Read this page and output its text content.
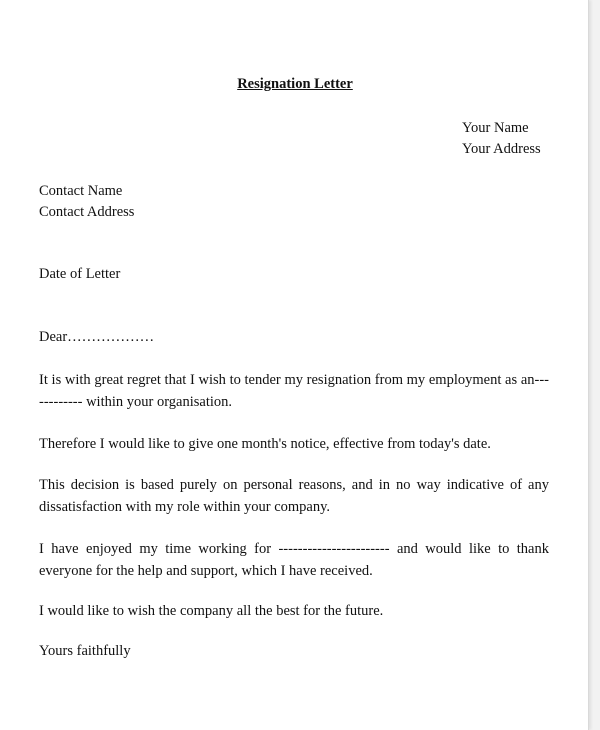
Resignation Letter
Your Name
Your Address
Contact Name
Contact Address
Date of Letter
Dear………………
It is with great regret that I wish to tender my resignation from my employment as an------------ within your organisation.
Therefore I would like to give one month's notice, effective from today's date.
This decision is based purely on personal reasons, and in no way indicative of any dissatisfaction with my role within your company.
I have enjoyed my time working for ----------------------- and would like to thank everyone for the help and support, which I have received.
I would like to wish the company all the best for the future.
Yours faithfully
